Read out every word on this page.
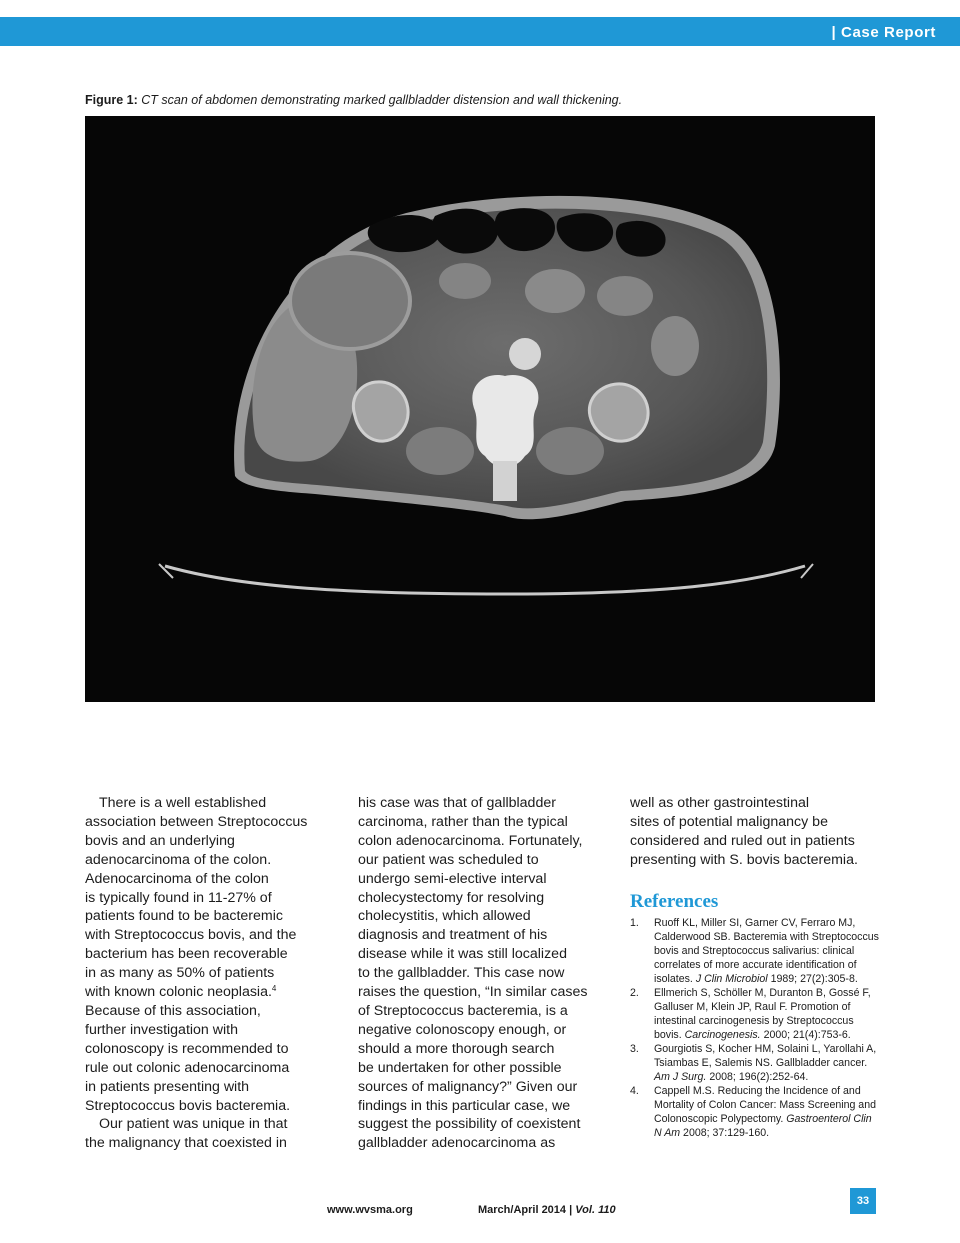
| Case Report
Figure 1: CT scan of abdomen demonstrating marked gallbladder distension and wall thickening.

There is a well established
association between Streptococcus
bovis and an underlying
adenocarcinoma of the colon.
Adenocarcinoma of the colon
is typically found in 11-27% of
patients found to be bacteremic
with Streptococcus bovis, and the
bacterium has been recoverable
in as many as 50% of patients
with known colonic neoplasia.$^4$
Because of this association,
further investigation with
colonoscopy is recommended to
rule out colonic adenocarcinoma
in patients presenting with
Streptococcus bovis bacteremia.

Our patient was unique in that
the malignancy that coexisted in

his case was that of gallbladder
carcinoma, rather than the typical
colon adenocarcinoma. Fortunately,
our patient was scheduled to
undergo semi-elective interval
cholecystectomy for resolving
cholecystitis, which allowed
diagnosis and treatment of his
disease while it was still localized
to the gallbladder. This case now
raises the question, “In similar cases
of Streptococcus bacteremia, is a
negative colonoscopy enough, or
should a more thorough search
be undertaken for other possible
sources of malignancy?” Given our
findings in this particular case, we
suggest the possibility of coexistent
gallbladder adenocarcinoma as

well as other gastrointestinal
sites of potential malignancy be
considered and ruled out in patients
presenting with S. bovis bacteremia.

References
1.	Ruoff KL, Miller SI, Garner CV, Ferraro MJ, Calderwood SB. Bacteremia with Streptococcus bovis and Streptococcus salivarius: clinical correlates of more accurate identification of isolates. J Clin Microbiol 1989; 27(2):305-8.
2.	Ellmerich S, Schöller M, Duranton B, Gossé F, Galluser M, Klein JP, Raul F. Promotion of intestinal carcinogenesis by Streptococcus bovis. Carcinogenesis. 2000; 21(4):753-6.
3.	Gourgiotis S, Kocher HM, Solaini L, Yarollahi A, Tsiambas E, Salemis NS. Gallbladder cancer. Am J Surg. 2008; 196(2):252-64.
4.	Cappell M.S. Reducing the Incidence of and Mortality of Colon Cancer: Mass Screening and Colonoscopic Polypectomy. Gastroenterol Clin N Am 2008; 37:129-160.
www.wvsma.org	March/April 2014 | Vol. 110
33
